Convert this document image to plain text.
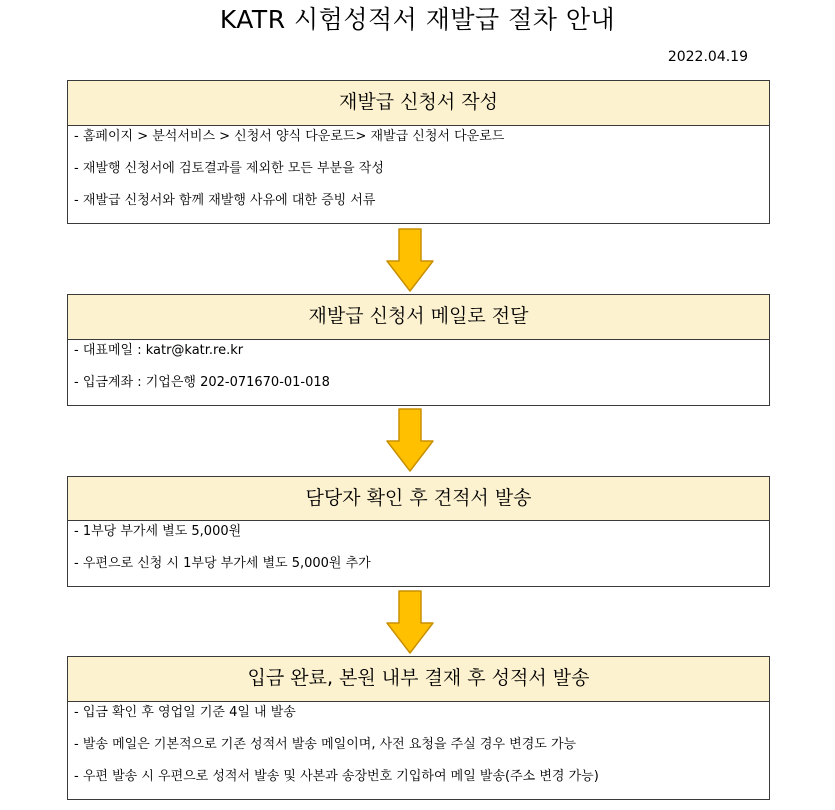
KATR 시험성적서 재발급 절차 안내
2022.04.19
재발급 신청서 작성
- 홈페이지 > 분석서비스 > 신청서 양식 다운로드> 재발급 신청서 다운로드
- 재발행 신청서에 검토결과를 제외한 모든 부분을 작성
- 재발급 신청서와 함께 재발행 사유에 대한 증빙 서류
재발급 신청서 메일로 전달
- 대표메일 : katr@katr.re.kr
- 입금계좌 : 기업은행 202-071670-01-018
담당자 확인 후 견적서 발송
- 1부당 부가세 별도 5,000원
- 우편으로 신청 시 1부당 부가세 별도 5,000원 추가
입금 완료, 본원 내부 결재 후 성적서 발송
- 입금 확인 후 영업일 기준 4일 내 발송
- 발송 메일은 기본적으로 기존 성적서 발송 메일이며, 사전 요청을 주실 경우 변경도 가능
- 우편 발송 시 우편으로 성적서 발송 및 사본과 송장번호 기입하여 메일 발송(주소 변경 가능)
